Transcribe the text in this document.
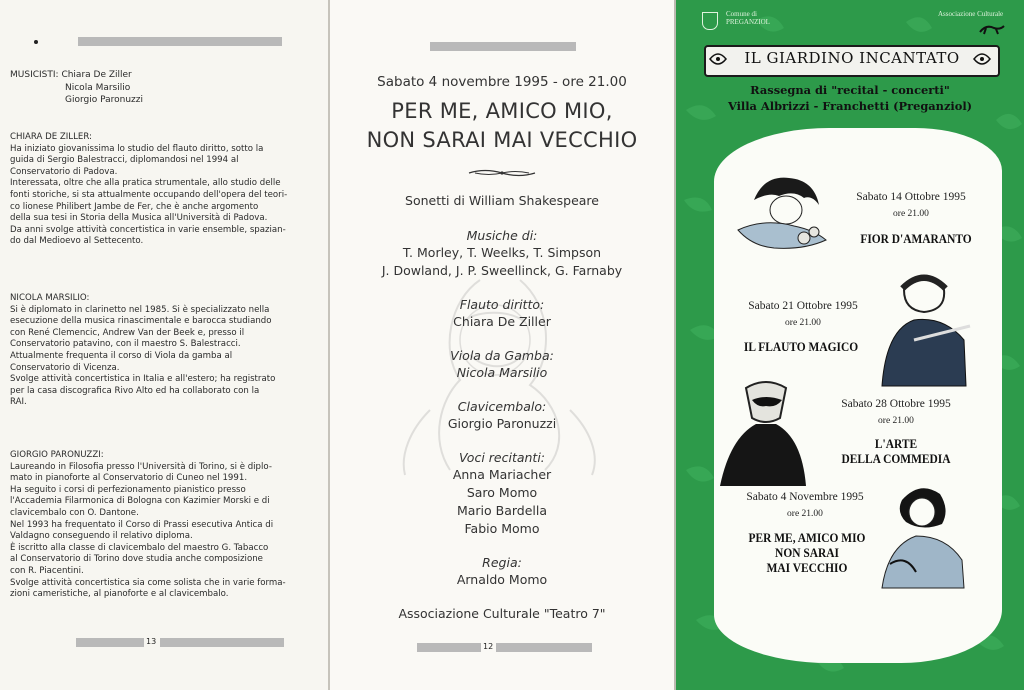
MUSICISTI: Chiara De Ziller
Nicola Marsilio
Giorgio Paronuzzi

CHIARA DE ZILLER:

Ha iniziato giovanissima lo studio del flauto diritto, sotto la

guida di Sergio Balestracci, diplomandosi nel 1994 al

Conservatorio di Padova.

Interessata, oltre che alla pratica strumentale, allo studio delle

fonti storiche, si sta attualmente occupando dell'opera del teori-

co lionese Philibert Jambe de Fer, che è anche argomento

della sua tesi in Storia della Musica all'Università di Padova.

Da anni svolge attività concertistica in varie ensemble, spazian-

do dal Medioevo al Settecento.

NICOLA MARSILIO:

Si è diplomato in clarinetto nel 1985. Si è specializzato nella

esecuzione della musica rinascimentale e barocca studiando

con René Clemencic, Andrew Van der Beek e, presso il

Conservatorio patavino, con il maestro S. Balestracci.

Attualmente frequenta il corso di Viola da gamba al

Conservatorio di Vicenza.

Svolge attività concertistica in Italia e all'estero; ha registrato

per la casa discografica Rivo Alto ed ha collaborato con la

RAI.

GIORGIO PARONUZZI:

Laureando in Filosofia presso l'Università di Torino, si è diplo-

mato in pianoforte al Conservatorio di Cuneo nel 1991.

Ha seguito i corsi di perfezionamento pianistico presso

l'Accademia Filarmonica di Bologna con Kazimier Morski e di

clavicembalo con O. Dantone.

Nel 1993 ha frequentato il Corso di Prassi esecutiva Antica di

Valdagno conseguendo il relativo diploma.

È iscritto alla classe di clavicembalo del maestro G. Tabacco

al Conservatorio di Torino dove studia anche composizione

con R. Piacentini.

Svolge attività concertistica sia come solista che in varie forma-

zioni cameristiche, al pianoforte e al clavicembalo.

13
Sabato 4 novembre 1995 - ore 21.00
PER ME, AMICO MIO,
NON SARAI MAI VECCHIO
Sonetti di William Shakespeare
Musiche di:
T. Morley, T. Weelks, T. Simpson
J. Dowland, J. P. Sweellinck, G. Farnaby
Flauto diritto:
Chiara De Ziller
Viola da Gamba:
Nicola Marsilio
Clavicembalo:
Giorgio Paronuzzi
Voci recitanti:
Anna Mariacher
Saro Momo
Mario Bardella
Fabio Momo
Regia:
Arnaldo Momo
Associazione Culturale "Teatro 7"
12
Comune di
PREGANZIOL
Associazione Culturale
IL GIARDINO INCANTATO
Rassegna di "recital - concerti"
Villa Albrizzi - Franchetti (Preganziol)
Sabato 14 Ottobre 1995
ore 21.00
FIOR D'AMARANTO
Sabato 21 Ottobre 1995
ore 21.00
IL FLAUTO MAGICO
Sabato 28 Ottobre 1995
ore 21.00
L'ARTE
DELLA COMMEDIA
Sabato 4 Novembre 1995
ore 21.00
PER ME, AMICO MIO
NON SARAI
MAI VECCHIO
